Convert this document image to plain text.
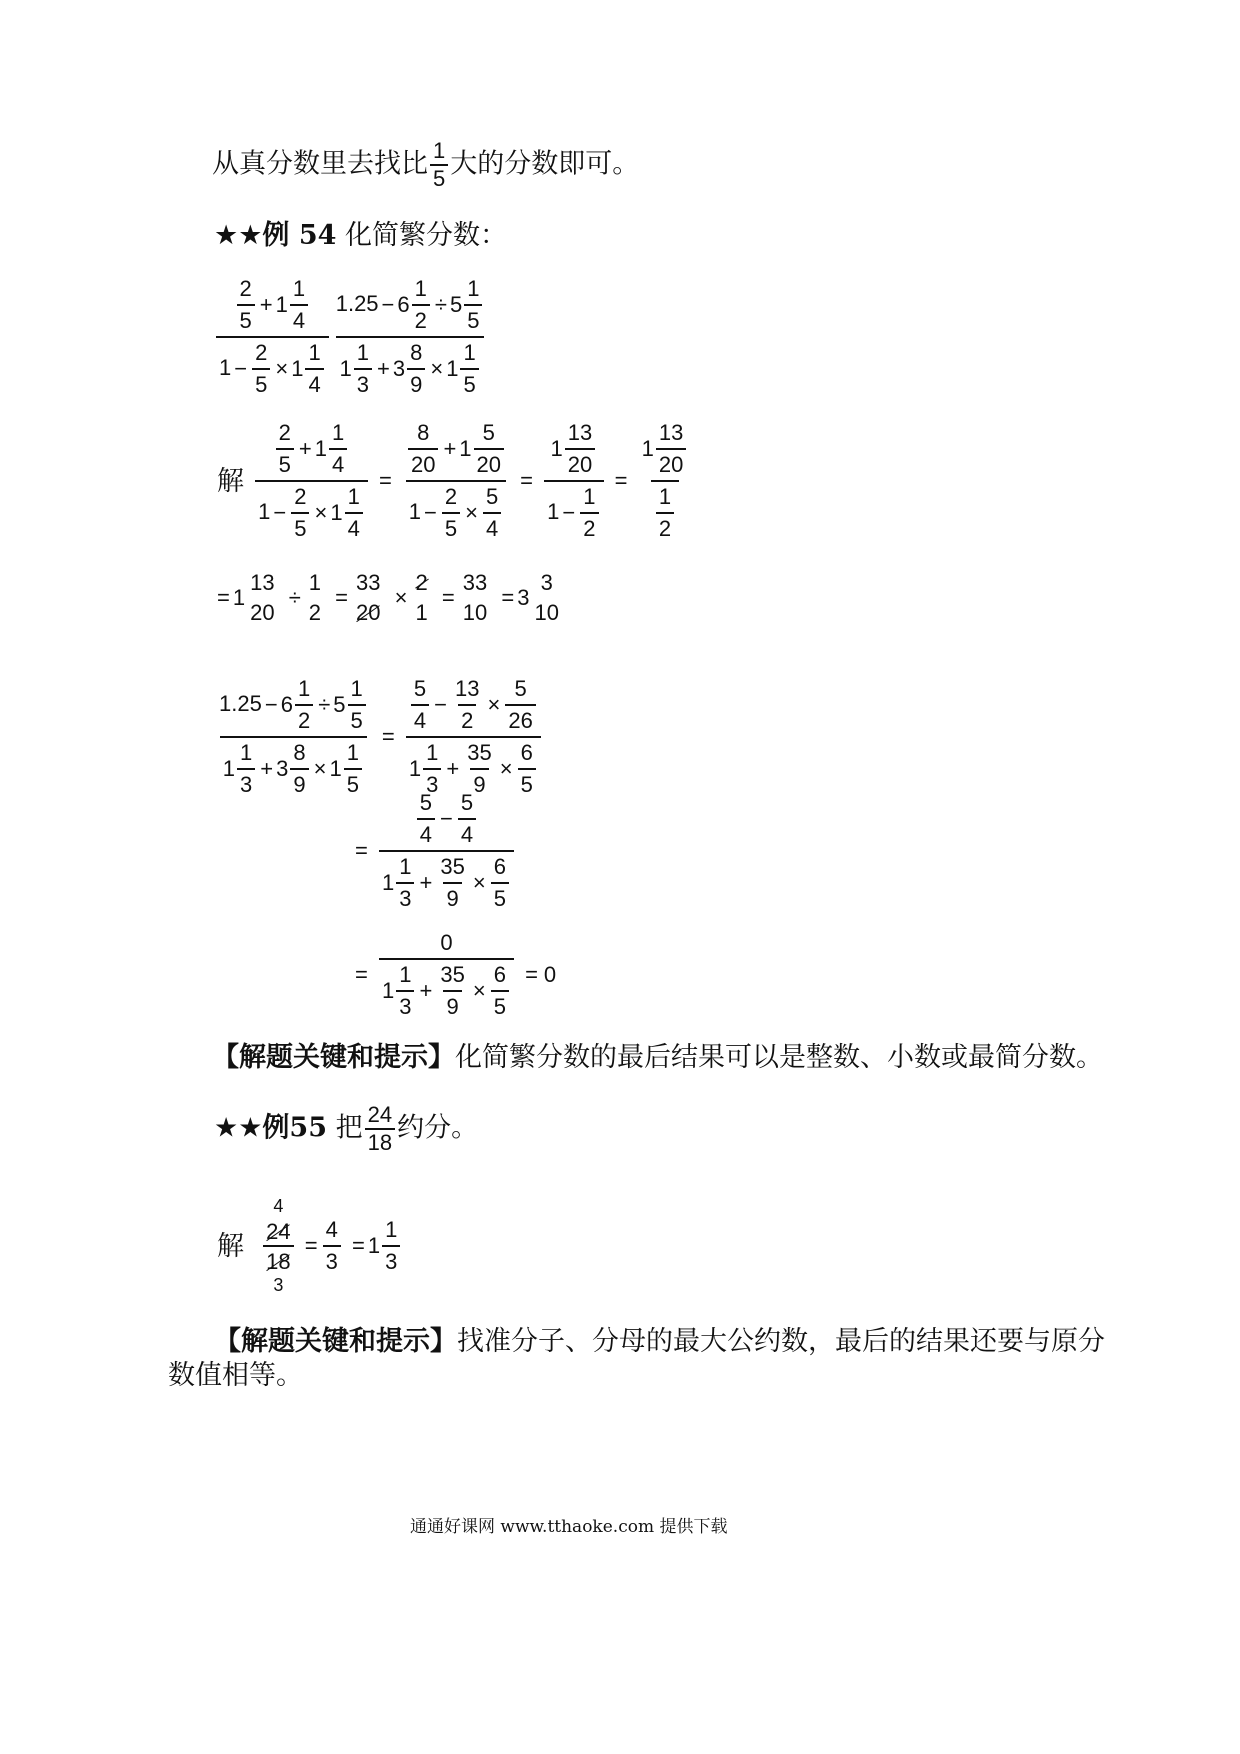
从真分数里去找比 $\frac{1}{5}$ 大的分数即可。
★★例 54 化简繁分数：
$\frac{\frac{2}{5} + 1 \frac{1}{4}}{1 - \frac{2}{5} \times 1 \frac{1}{4}} \frac{1.25 - 6 \frac{1}{2} \div 5 \frac{1}{5}}{1 \frac{1}{3} + 3 \frac{8}{9} \times 1 \frac{1}{5}}$
解 $\frac{\frac{2}{5} + 1 \frac{1}{4}}{1 - \frac{2}{5} \times 1 \frac{1}{4}} = \frac{\frac{8}{20} + 1 \frac{5}{20}}{1 - \frac{2}{5} \times \frac{5}{4}} = \frac{1 \frac{13}{20}}{1 - \frac{1}{2}} = \frac{1 \frac{13}{20}}{\frac{1}{2}}$
= 1
13
20
÷
1
2
=
33
20
×
2
1
=
33
10
= 3
3
10
$\frac{1.25 - 6 \frac{1}{2} \div 5 \frac{1}{5}}{1 \frac{1}{3} + 3 \frac{8}{9} \times 1 \frac{1}{5}} = \frac{\frac{5}{4} - \frac{13}{2} \times \frac{5}{26}}{1 \frac{1}{3} + \frac{35}{9} \times \frac{6}{5}}$
= $\frac{\frac{5}{4} - \frac{5}{4}}{1 \frac{1}{3} + \frac{35}{9} \times \frac{6}{5}}$
= $\frac{0}{1 \frac{1}{3} + \frac{35}{9} \times \frac{6}{5}} = 0$
【解题关键和提示】化简繁分数的最后结果可以是整数、小数或最简分数。
★★例55 把 $\frac{24}{18}$ 约分。
解
4
24
18
3
= $\frac{4}{3} = 1 \frac{1}{3}$
【解题关键和提示】找准分子、分母的最大公约数，最后的结果还要与原分
数值相等。
通通好课网 www.tthaoke.com 提供下载
